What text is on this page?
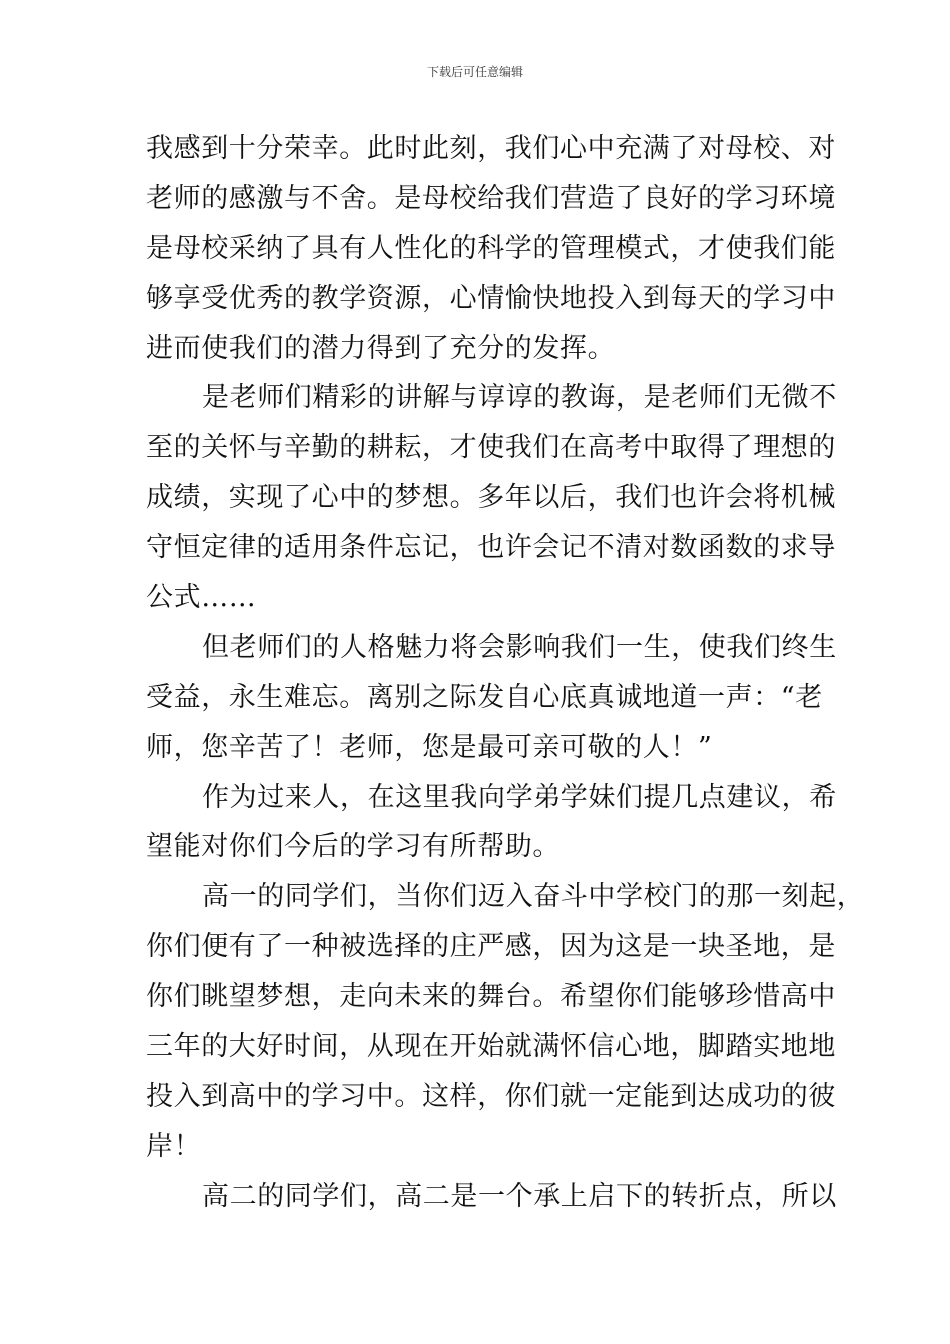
下载后可任意编辑
我感到十分荣幸。此时此刻，我们心中充满了对母校、对
老师的感激与不舍。是母校给我们营造了良好的学习环境
是母校采纳了具有人性化的科学的管理模式，才使我们能
够享受优秀的教学资源，心情愉快地投入到每天的学习中
进而使我们的潜力得到了充分的发挥。
是老师们精彩的讲解与谆谆的教诲，是老师们无微不
至的关怀与辛勤的耕耘，才使我们在高考中取得了理想的
成绩，实现了心中的梦想。多年以后，我们也许会将机械
守恒定律的适用条件忘记，也许会记不清对数函数的求导
公式……
但老师们的人格魅力将会影响我们一生，使我们终生
受益，永生难忘。离别之际发自心底真诚地道一声：“老
师，您辛苦了！老师，您是最可亲可敬的人！”
作为过来人，在这里我向学弟学妹们提几点建议，希
望能对你们今后的学习有所帮助。
高一的同学们，当你们迈入奋斗中学校门的那一刻起，
你们便有了一种被选择的庄严感，因为这是一块圣地，是
你们眺望梦想，走向未来的舞台。希望你们能够珍惜高中
三年的大好时间，从现在开始就满怀信心地，脚踏实地地
投入到高中的学习中。这样，你们就一定能到达成功的彼
岸！
高二的同学们，高二是一个承上启下的转折点，所以
